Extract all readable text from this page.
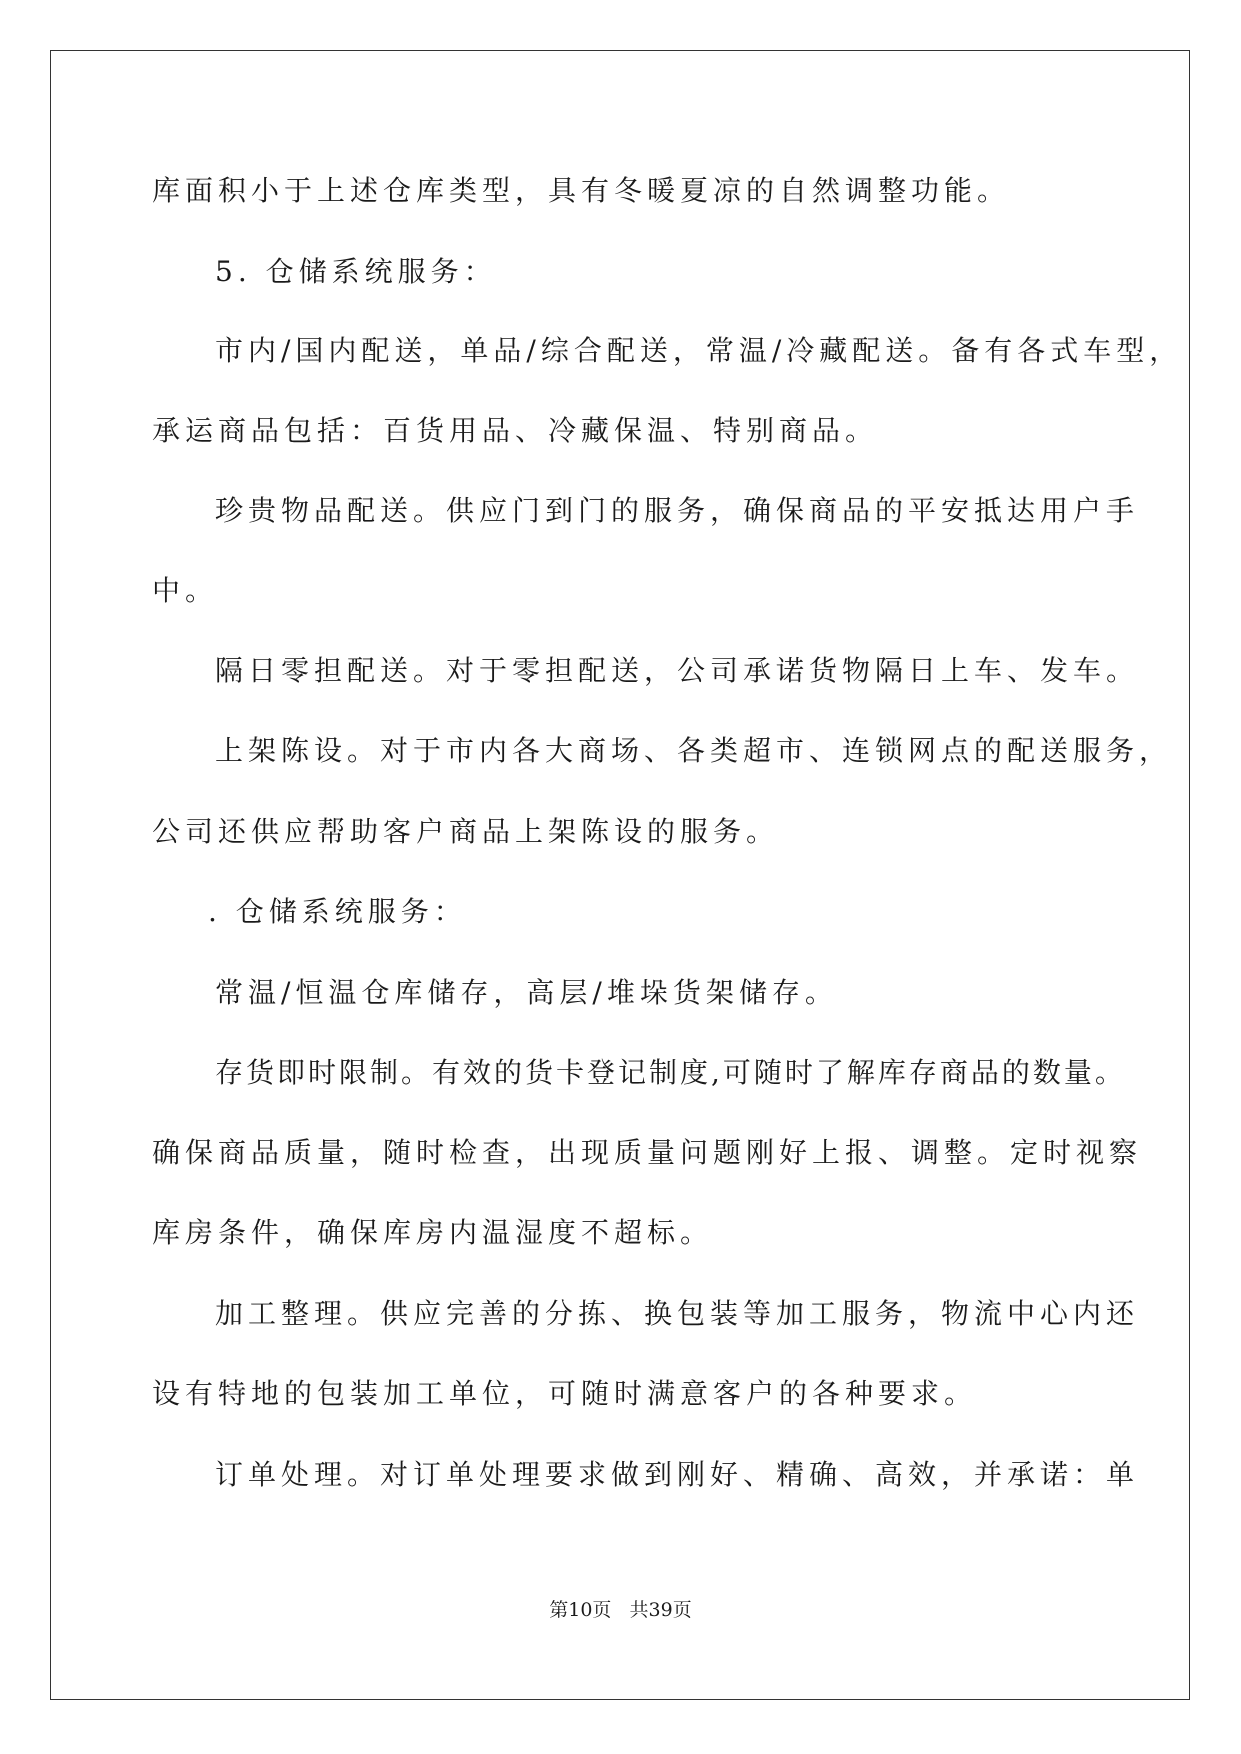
库面积小于上述仓库类型，具有冬暖夏凉的自然调整功能。
5. 仓储系统服务：
市内/国内配送，单品/综合配送，常温/冷藏配送。备有各式车型，
承运商品包括：百货用品、冷藏保温、特别商品。
珍贵物品配送。供应门到门的服务，确保商品的平安抵达用户手
中。
隔日零担配送。对于零担配送，公司承诺货物隔日上车、发车。
上架陈设。对于市内各大商场、各类超市、连锁网点的配送服务，
公司还供应帮助客户商品上架陈设的服务。
. 仓储系统服务：
常温/恒温仓库储存，高层/堆垛货架储存。
存货即时限制。有效的货卡登记制度,可随时了解库存商品的数量。
确保商品质量，随时检查，出现质量问题刚好上报、调整。定时视察
库房条件，确保库房内温湿度不超标。
加工整理。供应完善的分拣、换包装等加工服务，物流中心内还
设有特地的包装加工单位，可随时满意客户的各种要求。
订单处理。对订单处理要求做到刚好、精确、高效，并承诺：单
第10页   共39页
